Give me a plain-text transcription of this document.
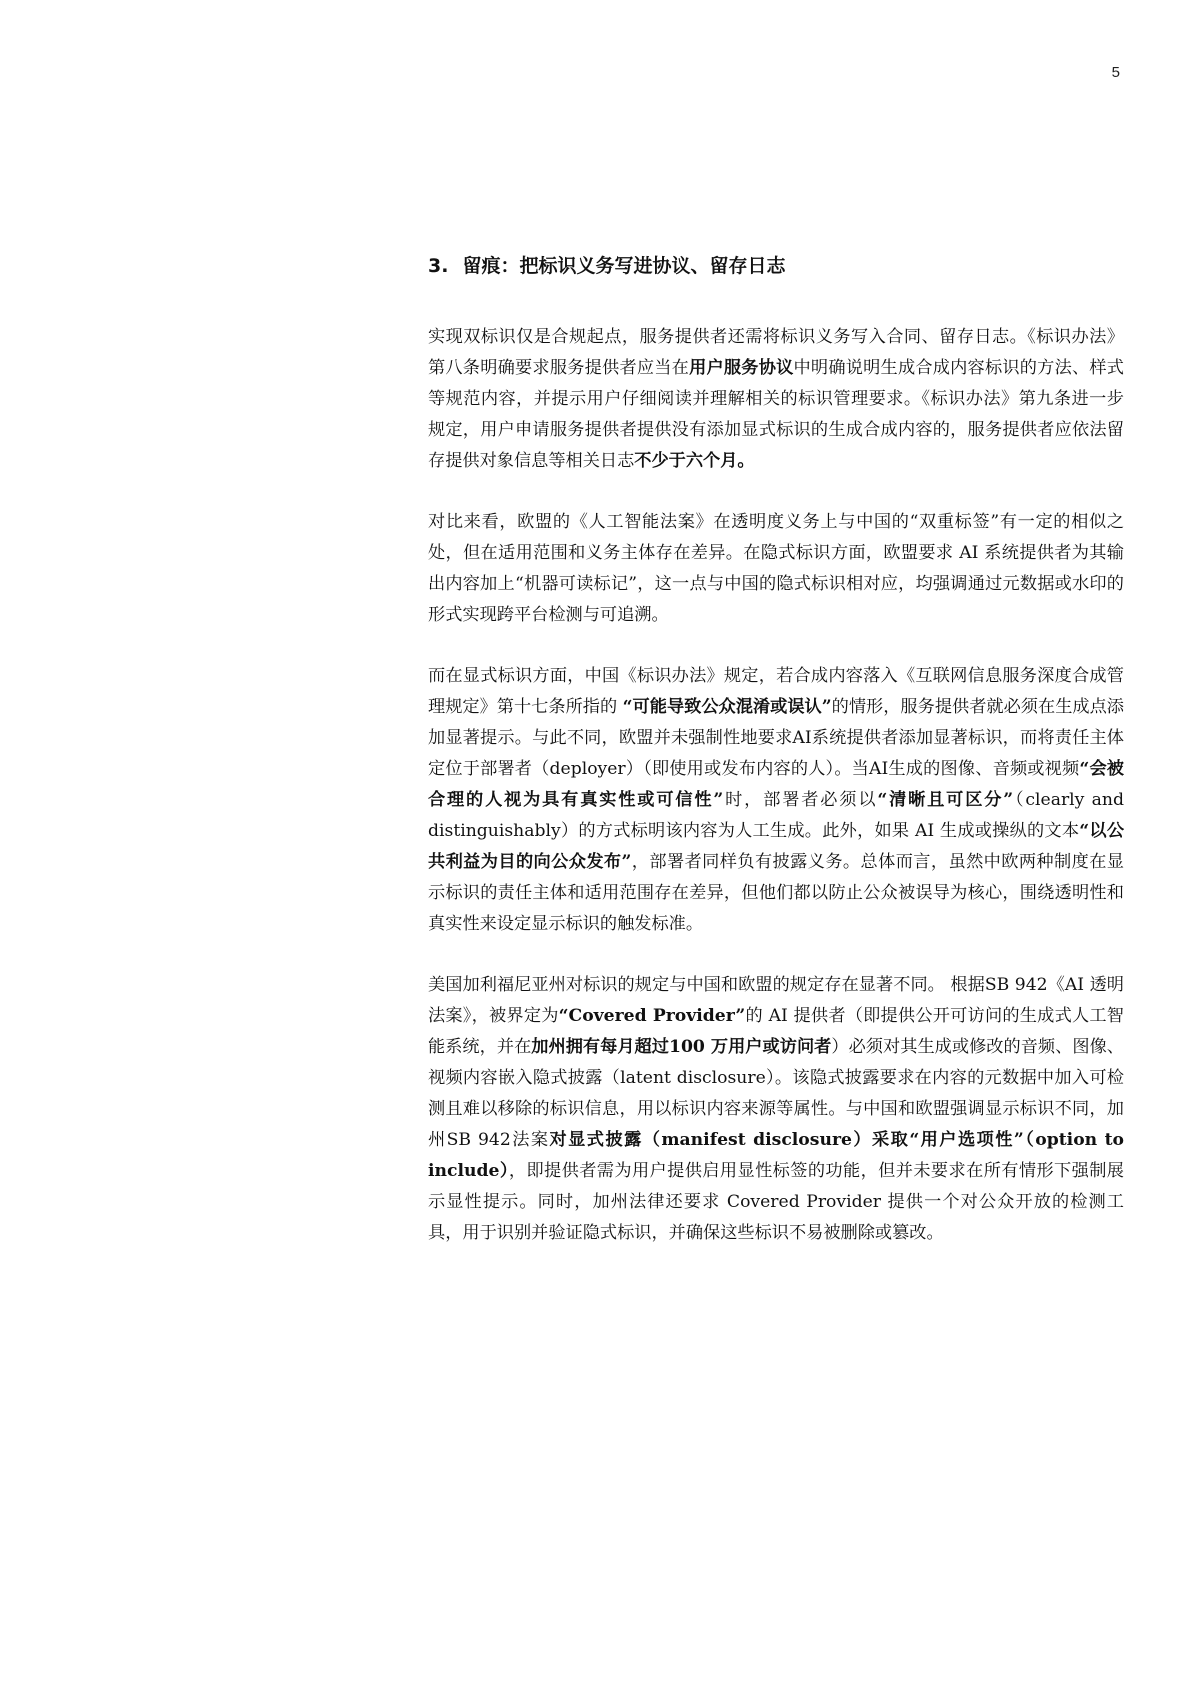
5
3. 留痕：把标识义务写进协议、留存日志

实现双标识仅是合规起点，服务提供者还需将标识义务写入合同、留存日志。《标识办法》第八条明确要求服务提供者应当在用户服务协议中明确说明生成合成内容标识的方法、样式等规范内容，并提示用户仔细阅读并理解相关的标识管理要求。《标识办法》第九条进一步规定，用户申请服务提供者提供没有添加显式标识的生成合成内容的，服务提供者应依法留存提供对象信息等相关日志不少于六个月。

对比来看，欧盟的《人工智能法案》在透明度义务上与中国的“双重标签”有一定的相似之处，但在适用范围和义务主体存在差异。在隐式标识方面，欧盟要求 AI 系统提供者为其输出内容加上“机器可读标记”，这一点与中国的隐式标识相对应，均强调通过元数据或水印的形式实现跨平台检测与可追溯。

而在显式标识方面，中国《标识办法》规定，若合成内容落入《互联网信息服务深度合成管理规定》第十七条所指的 “可能导致公众混淆或误认”的情形，服务提供者就必须在生成点添加显著提示。与此不同，欧盟并未强制性地要求AI系统提供者添加显著标识，而将责任主体定位于部署者（deployer）（即使用或发布内容的人）。当AI生成的图像、音频或视频“会被合理的人视为具有真实性或可信性”时，部署者必须以“清晰且可区分”（clearly and distinguishably）的方式标明该内容为人工生成。此外，如果 AI 生成或操纵的文本“以公共利益为目的向公众发布”，部署者同样负有披露义务。总体而言，虽然中欧两种制度在显示标识的责任主体和适用范围存在差异，但他们都以防止公众被误导为核心，围绕透明性和真实性来设定显示标识的触发标准。

美国加利福尼亚州对标识的规定与中国和欧盟的规定存在显著不同。 根据SB 942《AI 透明法案》，被界定为“Covered Provider”的 AI 提供者（即提供公开可访问的生成式人工智能系统，并在加州拥有每月超过100 万用户或访问者）必须对其生成或修改的音频、图像、视频内容嵌入隐式披露（latent disclosure）。该隐式披露要求在内容的元数据中加入可检测且难以移除的标识信息，用以标识内容来源等属性。与中国和欧盟强调显示标识不同，加州SB 942法案对显式披露（manifest disclosure）采取“用户选项性”（option to include），即提供者需为用户提供启用显性标签的功能，但并未要求在所有情形下强制展示显性提示。同时，加州法律还要求 Covered Provider 提供一个对公众开放的检测工具，用于识别并验证隐式标识，并确保这些标识不易被删除或篡改。
